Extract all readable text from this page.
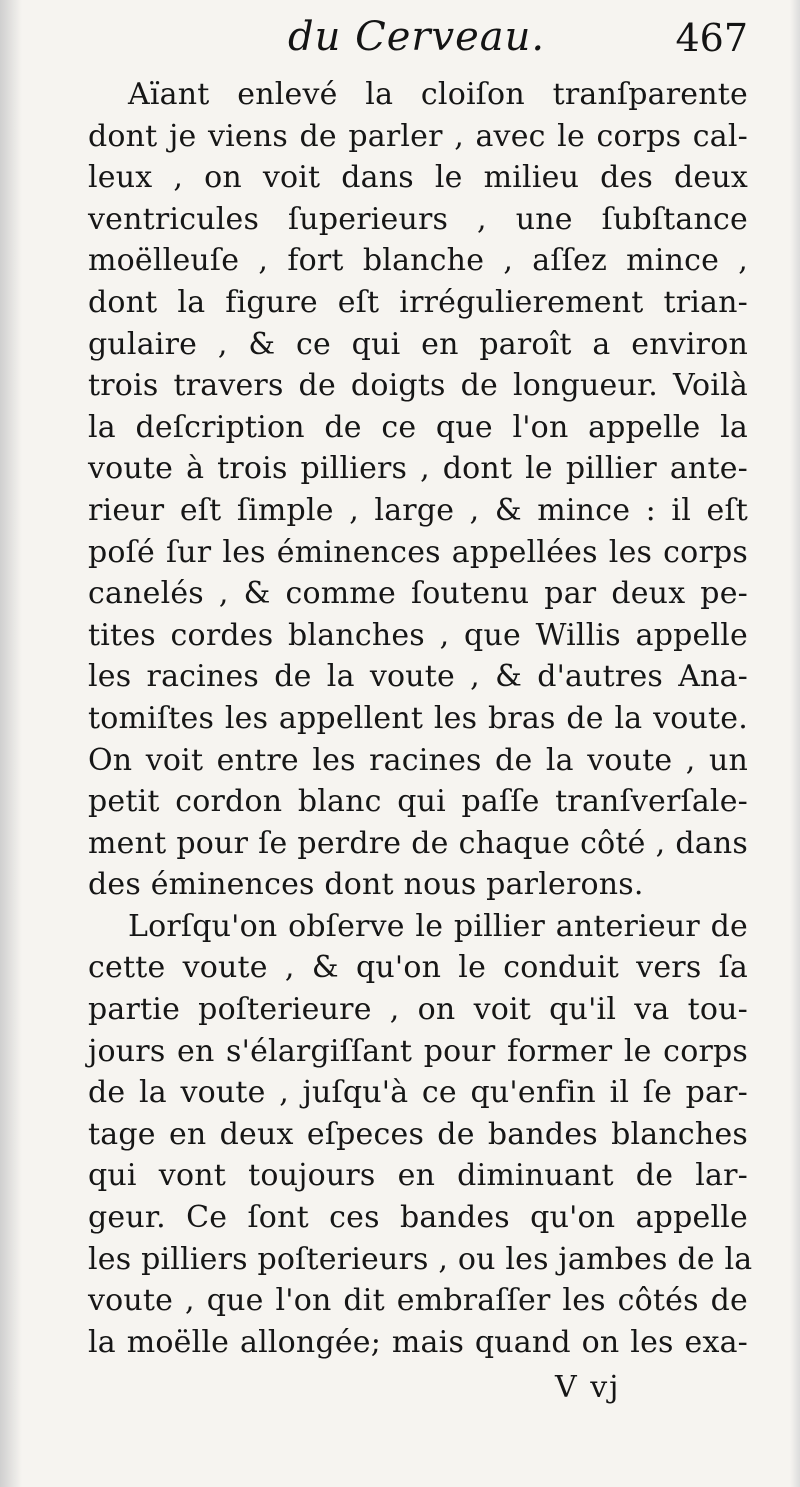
du Cerveau.	467
Aïant enlevé la cloiſon tranſparente
dont je viens de parler , avec le corps cal-
leux , on voit dans le milieu des deux
ventricules ſuperieurs , une ſubſtance
moëlleuſe , fort blanche , aſſez mince ,
dont la figure eſt irrégulierement trian-
gulaire , & ce qui en paroît a environ
trois travers de doigts de longueur. Voilà
la deſcription de ce que l'on appelle la
voute à trois pilliers , dont le pillier ante-
rieur eſt ſimple , large , & mince : il eſt
poſé ſur les éminences appellées les corps
canelés , & comme ſoutenu par deux pe-
tites cordes blanches , que Willis appelle
les racines de la voute , & d'autres Ana-
tomiſtes les appellent les bras de la voute.
On voit entre les racines de la voute , un
petit cordon blanc qui paſſe tranſverſale-
ment pour ſe perdre de chaque côté , dans
des éminences dont nous parlerons.
Lorſqu'on obſerve le pillier anterieur de
cette voute , & qu'on le conduit vers ſa
partie poſterieure , on voit qu'il va tou-
jours en s'élargiſſant pour former le corps
de la voute , juſqu'à ce qu'enfin il ſe par-
tage en deux eſpeces de bandes blanches
qui vont toujours en diminuant de lar-
geur. Ce ſont ces bandes qu'on appelle
les pilliers poſterieurs , ou les jambes de la
voute , que l'on dit embraſſer les côtés de
la moëlle allongée; mais quand on les exa-
V vj
